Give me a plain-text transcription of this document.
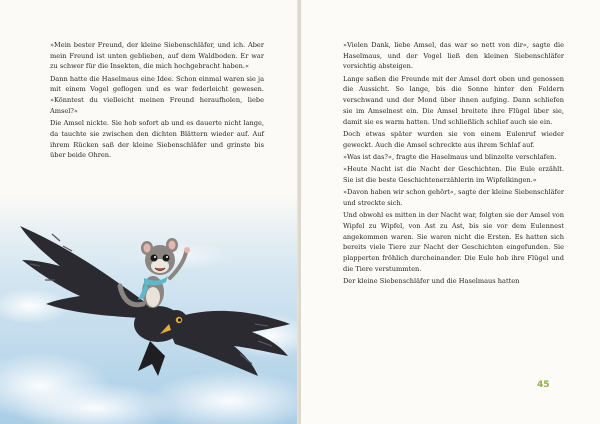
»Mein bester Freund, der kleine Siebenschläfer, und ich. Aber mein Freund ist unten geblieben, auf dem Waldboden. Er war zu schwer für die Insekten, die mich hochgebracht haben.«

Dann hatte die Haselmaus eine Idee. Schon einmal waren sie ja mit einem Vogel geflogen und es war federleicht gewesen. »Könntest du vielleicht meinen Freund heraufholen, liebe Amsel?«

Die Amsel nickte. Sie hob sofort ab und es dauerte nicht lange, da tauchte sie zwischen den dichten Blättern wieder auf. Auf ihrem Rücken saß der kleine Siebenschläfer und grinste bis über beide Ohren.

»Vielen Dank, liebe Amsel, das war so nett von dir«, sagte die Haselmaus, und der Vogel ließ den kleinen Siebenschläfer vorsichtig absteigen.

Lange saßen die Freunde mit der Amsel dort oben und genossen die Aussicht. So lange, bis die Sonne hinter den Feldern verschwand und der Mond über ihnen aufging. Dann schliefen sie im Amselnest ein. Die Amsel breitete ihre Flügel über sie, damit sie es warm hatten. Und schließlich schlief auch sie ein.

Doch etwas später wurden sie von einem Eulenruf wieder geweckt. Auch die Amsel schreckte aus ihrem Schlaf auf.

»Was ist das?«, fragte die Haselmaus und blinzelte verschlafen.

»Heute Nacht ist die Nacht der Geschichten. Die Eule erzählt. Sie ist die beste Geschichtenerzählerin im Wipfelkingen.«

»Davon haben wir schon gehört«, sagte der kleine Siebenschläfer und streckte sich.

Und obwohl es mitten in der Nacht war, folgten sie der Amsel von Wipfel zu Wipfel, von Ast zu Ast, bis sie vor dem Eulennest angekommen waren. Sie waren nicht die Ersten. Es hatten sich bereits viele Tiere zur Nacht der Geschichten eingefunden. Sie plapperten fröhlich durcheinander. Die Eule hob ihre Flügel und die Tiere verstummten.

Der kleine Siebenschläfer und die Haselmaus hatten

45
